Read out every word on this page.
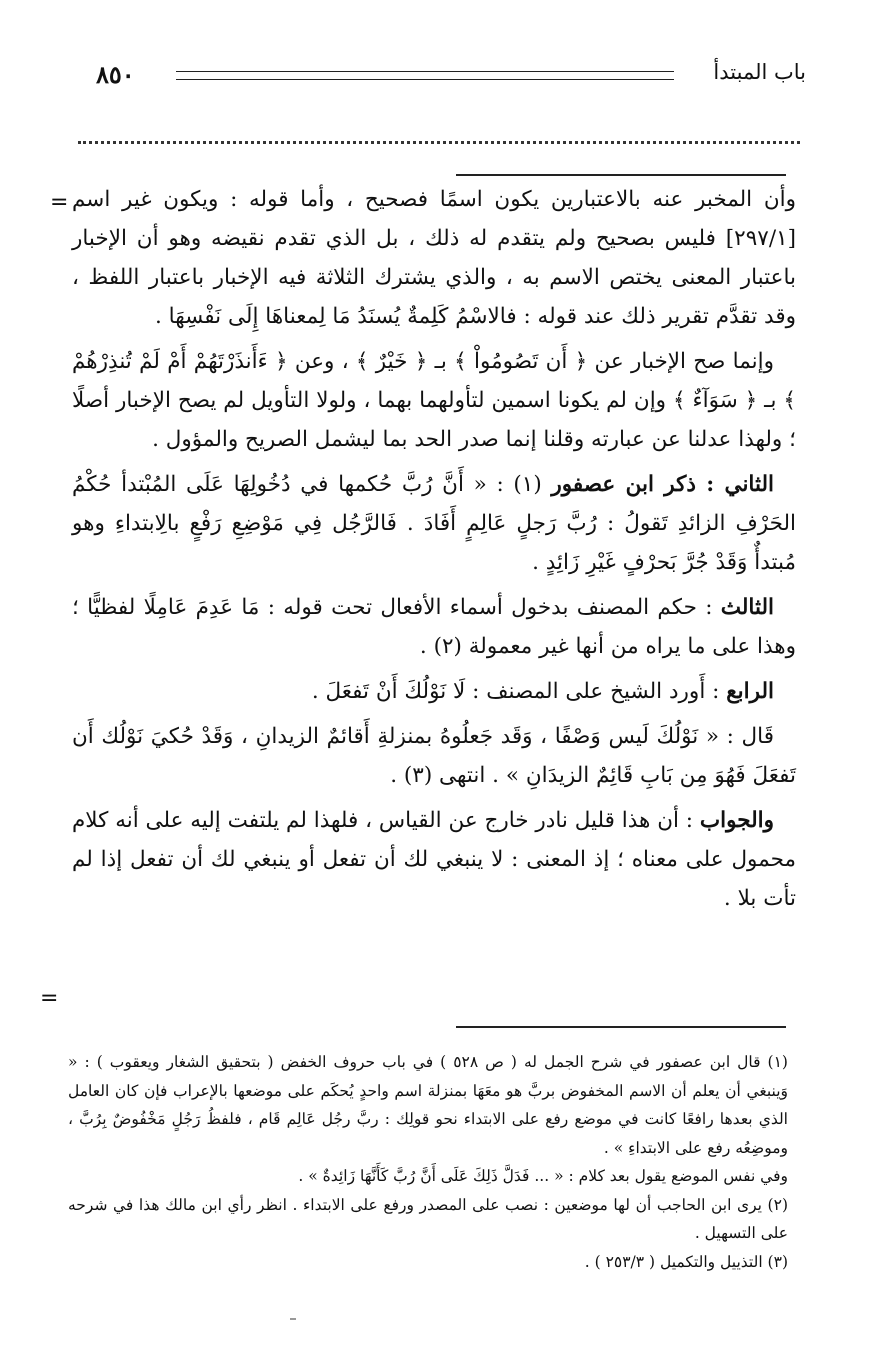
٨٥٠	باب المبتدأ
= وأن المخبر عنه بالاعتبارين يكون اسمًا فصحيح ، وأما قوله : ويكون غير اسم [٢٩٧/١] فليس بصحيح ولم يتقدم له ذلك ، بل الذي تقدم نقيضه وهو أن الإخبار باعتبار المعنى يختص الاسم به ، والذي يشترك الثلاثة فيه الإخبار باعتبار اللفظ ، وقد تقدَّم تقرير ذلك عند قوله : فالاسْمُ كَلِمةٌ يُسنَدُ مَا لِمعناهَا إِلَى نَفْسِهَا .

وإنما صح الإخبار عن ﴿ أَن تَصُومُواْ ﴾ بـ ﴿ خَيْرٌ ﴾ ، وعن ﴿ ءَأَنذَرْتَهُمْ أَمْ لَمْ تُنذِرْهُمْ ﴾ بـ ﴿ سَوَآءٌ ﴾ وإن لم يكونا اسمين لتأولهما بهما ، ولولا التأويل لم يصح الإخبار أصلًا ؛ ولهذا عدلنا عن عبارته وقلنا إنما صدر الحد بما ليشمل الصريح والمؤول .

الثاني : ذكر ابن عصفور (١) : « أَنَّ رُبَّ حُكمها في دُخُولِهَا عَلَى المُبْتدأ حُكْمُ الحَرْفِ الزائدِ تَقولُ : رُبَّ رَجلٍ عَالِمٍ أَفَادَ . فَالرَّجُل فِي مَوْضِعِ رَفْعٍ بالِابتداءِ وهو مُبتدأٌ وَقَدْ جُرَّ بَحرْفٍ غَيْرِ زَائِدٍ .

الثالث : حكم المصنف بدخول أسماء الأفعال تحت قوله : مَا عَدِمَ عَامِلًا لفظيًّا ؛ وهذا على ما يراه من أنها غير معمولة (٢) .

الرابع : أَورد الشيخ على المصنف : لَا نَوْلُكَ أَنْ تَفعَلَ .

قَال : « نَوْلُكَ لَيس وَصْفًا ، وَقَد جَعلُوهُ بمنزلةِ أَقائمٌ الزيدانِ ، وَقَدْ حُكيَ نَوْلُك أَن تَفعَلَ فَهُوَ مِن بَابِ قَائِمٌ الزيدَانِ » . انتهى (٣) .

والجواب : أن هذا قليل نادر خارج عن القياس ، فلهذا لم يلتفت إليه على أنه كلام محمول على معناه ؛ إذ المعنى : لا ينبغي لك أن تفعل أو ينبغي لك أن تفعل إذا لم تأت بلا .

=

(١) قال ابن عصفور في شرح الجمل له ( ص ٥٢٨ ) في باب حروف الخفض ( بتحقيق الشغار ويعقوب ) : « وَينبغي أن يعلم أن الاسم المخفوض بربَّ هو معَهَا بمنزلة اسم واحدٍ يُحكَم على موضعها بالإعراب فإن كان العامل الذي بعدها رافعًا كانت في موضع رفع على الابتداء نحو قولِك : ربَّ رجُل عَالِم قَام ، فلفظُ رَجُلٍ مَخْفُوضٌ بِرُبَّ ، وموضِعُه رفع على الابتداءِ » .

وفي نفس الموضع يقول بعد كلام : « ... فَدَلَّ ذَلِكَ عَلَى أَنَّ رُبَّ كَأَنَّهَا زَائِدةٌ » .

(٢) يرى ابن الحاجب أن لها موضعين : نصب على المصدر ورفع على الابتداء . انظر رأي ابن مالك هذا في شرحه على التسهيل .

(٣) التذييل والتكميل ( ٢٥٣/٣ ) .
